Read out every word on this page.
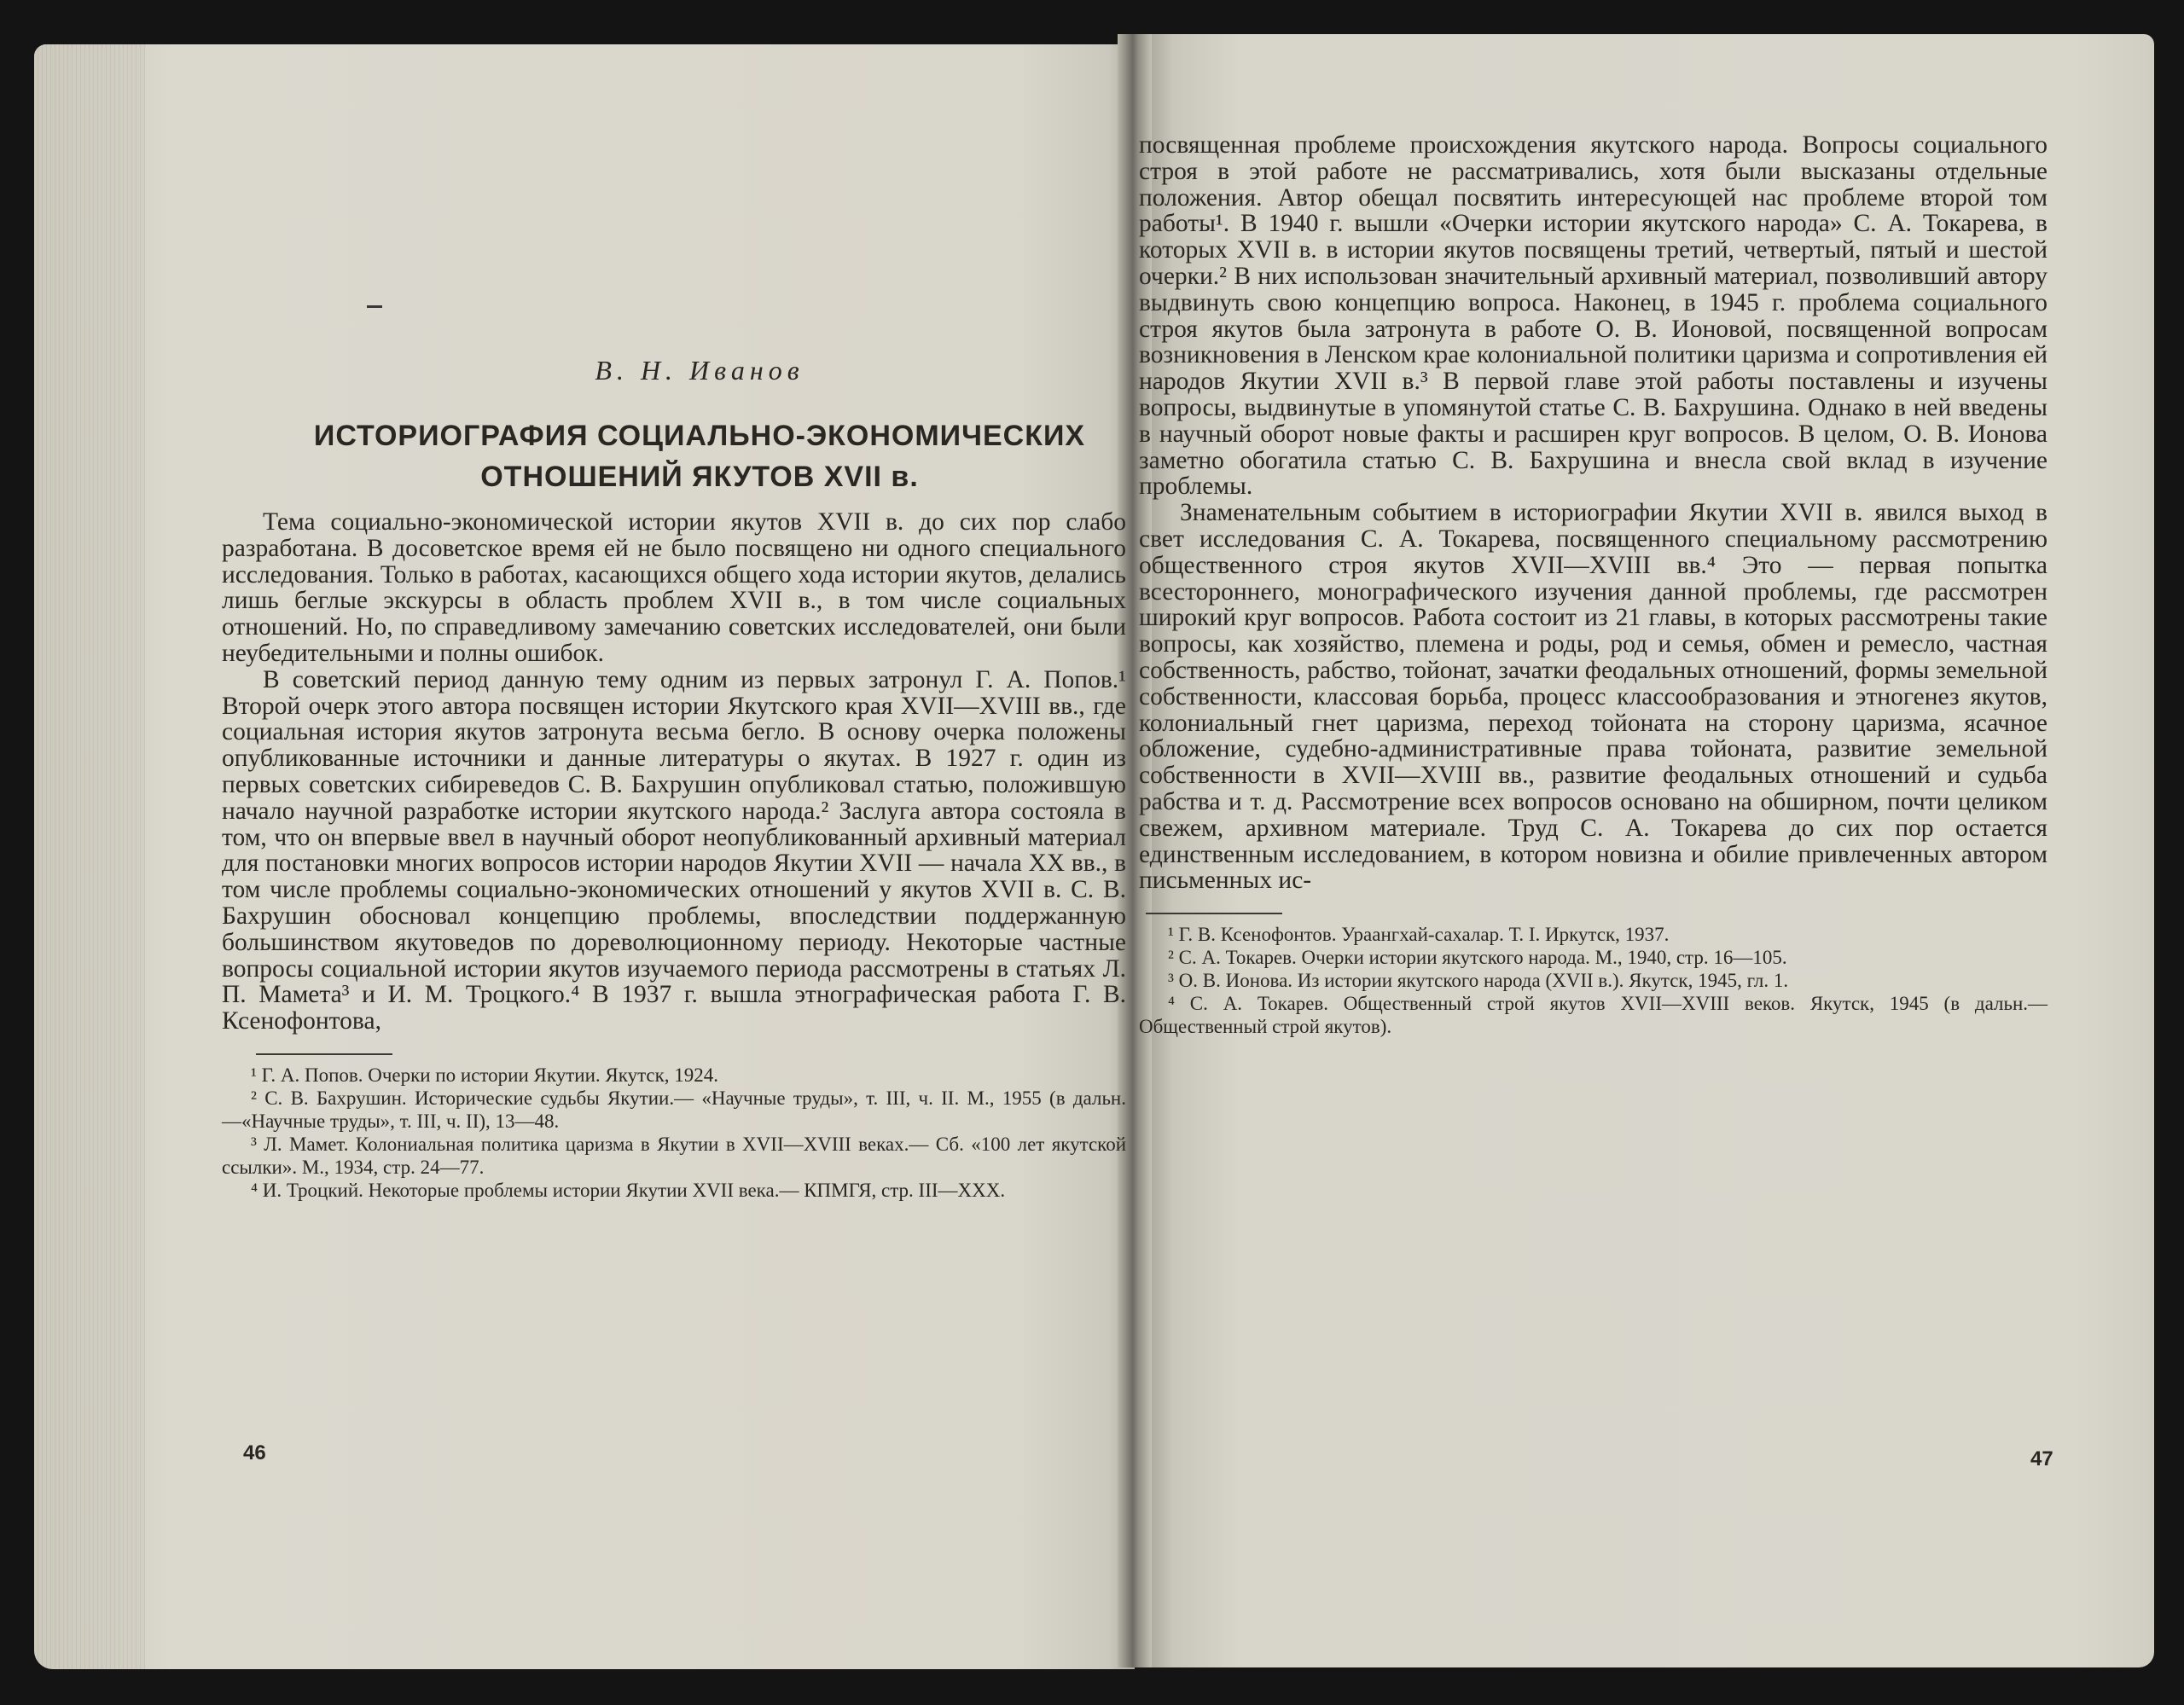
В. Н. Иванов
ИСТОРИОГРАФИЯ СОЦИАЛЬНО-ЭКОНОМИЧЕСКИХ
ОТНОШЕНИЙ ЯКУТОВ XVII в.

Тема социально-экономической истории якутов XVII в. до сих пор слабо разработана. В досоветское время ей не было посвящено ни одного специального исследования. Только в работах, касающихся общего хода истории якутов, делались лишь беглые экскурсы в область проблем XVII в., в том числе социальных отношений. Но, по справедливому замечанию советских исследователей, они были неубедительными и полны ошибок.

В советский период данную тему одним из первых затронул Г. А. Попов.¹ Второй очерк этого автора посвящен истории Якутского края XVII—XVIII вв., где социальная история якутов затронута весьма бегло. В основу очерка положены опубликованные источники и данные литературы о якутах. В 1927 г. один из первых советских сибиреведов С. В. Бахрушин опубликовал статью, положившую начало научной разработке истории якутского народа.² Заслуга автора состояла в том, что он впервые ввел в научный оборот неопубликованный архивный материал для постановки многих вопросов истории народов Якутии XVII — начала XX вв., в том числе проблемы социально-экономических отношений у якутов XVII в. С. В. Бахрушин обосновал концепцию проблемы, впоследствии поддержанную большинством якутоведов по дореволюционному периоду. Некоторые частные вопросы социальной истории якутов изучаемого периода рассмотрены в статьях Л. П. Мамета³ и И. М. Троцкого.⁴ В 1937 г. вышла этнографическая работа Г. В. Ксенофонтова,

¹ Г. А. Попов. Очерки по истории Якутии. Якутск, 1924.

² С. В. Бахрушин. Исторические судьбы Якутии.— «Научные труды», т. III, ч. II. М., 1955 (в дальн.—«Научные труды», т. III, ч. II), 13—48.

³ Л. Мамет. Колониальная политика царизма в Якутии в XVII—XVIII веках.— Сб. «100 лет якутской ссылки». М., 1934, стр. 24—77.

⁴ И. Троцкий. Некоторые проблемы истории Якутии XVII века.— КПМГЯ, стр. III—XXX.

посвященная проблеме происхождения якутского народа. Вопросы социального строя в этой работе не рассматривались, хотя были высказаны отдельные положения. Автор обещал посвятить интересующей нас проблеме второй том работы¹. В 1940 г. вышли «Очерки истории якутского народа» С. А. Токарева, в которых XVII в. в истории якутов посвящены третий, четвертый, пятый и шестой очерки.² В них использован значительный архивный материал, позволивший автору выдвинуть свою концепцию вопроса. Наконец, в 1945 г. проблема социального строя якутов была затронута в работе О. В. Ионовой, посвященной вопросам возникновения в Ленском крае колониальной политики царизма и сопротивления ей народов Якутии XVII в.³ В первой главе этой работы поставлены и изучены вопросы, выдвинутые в упомянутой статье С. В. Бахрушина. Однако в ней введены в научный оборот новые факты и расширен круг вопросов. В целом, О. В. Ионова заметно обогатила статью С. В. Бахрушина и внесла свой вклад в изучение проблемы.

Знаменательным событием в историографии Якутии XVII в. явился выход в свет исследования С. А. Токарева, посвященного специальному рассмотрению общественного строя якутов XVII—XVIII вв.⁴ Это — первая попытка всестороннего, монографического изучения данной проблемы, где рассмотрен широкий круг вопросов. Работа состоит из 21 главы, в которых рассмотрены такие вопросы, как хозяйство, племена и роды, род и семья, обмен и ремесло, частная собственность, рабство, тойонат, зачатки феодальных отношений, формы земельной собственности, классовая борьба, процесс классообразования и этногенез якутов, колониальный гнет царизма, переход тойоната на сторону царизма, ясачное обложение, судебно-административные права тойоната, развитие земельной собственности в XVII—XVIII вв., развитие феодальных отношений и судьба рабства и т. д. Рассмотрение всех вопросов основано на обширном, почти целиком свежем, архивном материале. Труд С. А. Токарева до сих пор остается единственным исследованием, в котором новизна и обилие привлеченных автором письменных ис-

¹ Г. В. Ксенофонтов. Ураангхай-сахалар. Т. I. Иркутск, 1937.

² С. А. Токарев. Очерки истории якутского народа. М., 1940, стр. 16—105.

³ О. В. Ионова. Из истории якутского народа (XVII в.). Якутск, 1945, гл. 1.

⁴ С. А. Токарев. Общественный строй якутов XVII—XVIII веков. Якутск, 1945 (в дальн.— Общественный строй якутов).

46	47
